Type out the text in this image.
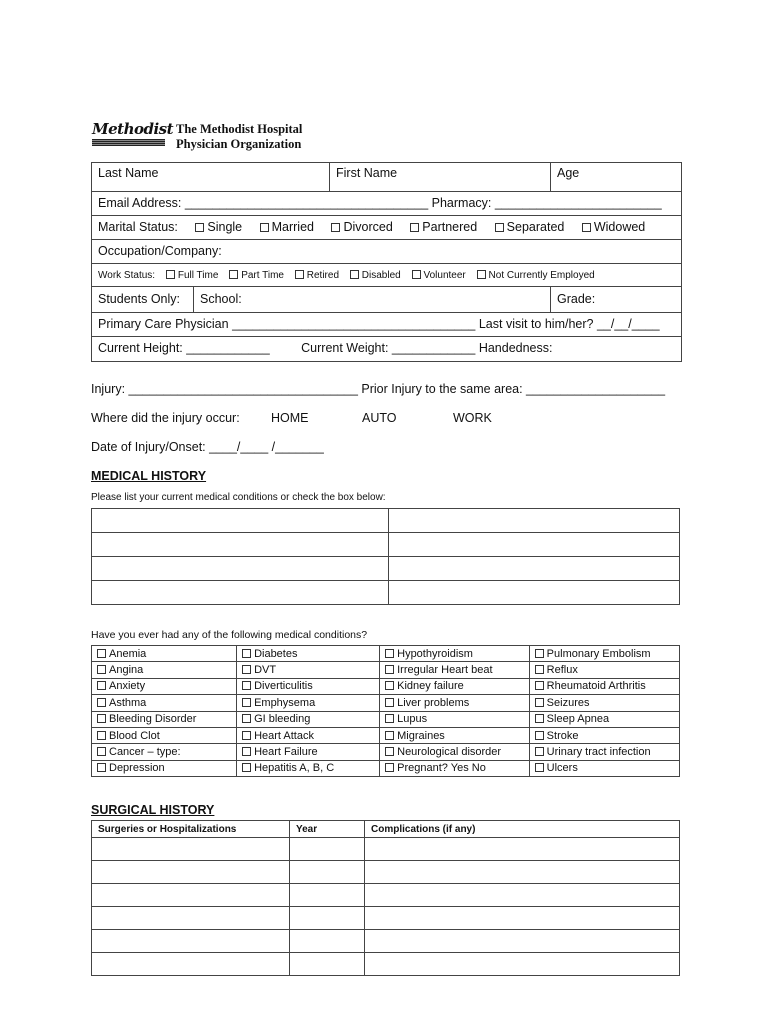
Methodist The Methodist Hospital
Physician Organization
Last Name	First Name	Age
Email Address: ___________________________________ Pharmacy: ________________________
Marital Status: Single Married Divorced Partnered Separated Widowed
Occupation/Company:
Work Status: Full Time Part Time Retired Disabled Volunteer Not Currently Employed
Students Only:	School:	Grade:
Primary Care Physician ___________________________________ Last visit to him/her? __/__/____
Current Height: ____________	Current Weight: ____________ Handedness:
Injury: _________________________________ Prior Injury to the same area: ____________________
Where did the injury occur:	HOME	AUTO	WORK
Date of Injury/Onset: ____/____ /_______
MEDICAL HISTORY
Please list your current medical conditions or check the box below:

Have you ever had any of the following medical conditions?
Anemia	Diabetes	Hypothyroidism	Pulmonary Embolism
Angina	DVT	Irregular Heart beat	Reflux
Anxiety	Diverticulitis	Kidney failure	Rheumatoid Arthritis
Asthma	Emphysema	Liver problems	Seizures
Bleeding Disorder	GI bleeding	Lupus	Sleep Apnea
Blood Clot	Heart Attack	Migraines	Stroke
Cancer – type:	Heart Failure	Neurological disorder	Urinary tract infection
Depression	Hepatitis A, B, C	Pregnant? Yes No	Ulcers
SURGICAL HISTORY
Surgeries or Hospitalizations	Year	Complications (if any)
